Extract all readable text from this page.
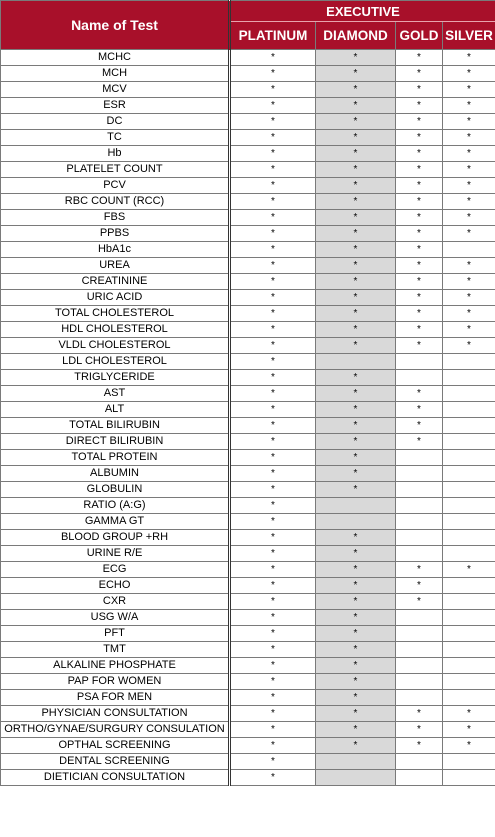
Name of Test	EXECUTIVE			
	PLATINUM	DIAMOND	GOLD	SILVER
MCHC	*	*	*	*
MCH	*	*	*	*
MCV	*	*	*	*
ESR	*	*	*	*
DC	*	*	*	*
TC	*	*	*	*
Hb	*	*	*	*
PLATELET COUNT	*	*	*	*
PCV	*	*	*	*
RBC COUNT (RCC)	*	*	*	*
FBS	*	*	*	*
PPBS	*	*	*	*
HbA1c	*	*	*	
UREA	*	*	*	*
CREATININE	*	*	*	*
URIC ACID	*	*	*	*
TOTAL CHOLESTEROL	*	*	*	*
HDL CHOLESTEROL	*	*	*	*
VLDL CHOLESTEROL	*	*	*	*
LDL CHOLESTEROL	*			
TRIGLYCERIDE	*	*		
AST	*	*	*	
ALT	*	*	*	
TOTAL BILIRUBIN	*	*	*	
DIRECT BILIRUBIN	*	*	*	
TOTAL PROTEIN	*	*		
ALBUMIN	*	*		
GLOBULIN	*	*		
RATIO (A:G)	*			
GAMMA GT	*			
BLOOD GROUP +RH	*	*		
URINE R/E	*	*		
ECG	*	*	*	*
ECHO	*	*	*	
CXR	*	*	*	
USG W/A	*	*		
PFT	*	*		
TMT	*	*		
ALKALINE PHOSPHATE	*	*		
PAP FOR WOMEN	*	*		
PSA FOR MEN	*	*		
PHYSICIAN CONSULTATION	*	*	*	*
ORTHO/GYNAE/SURGURY CONSULATION	*	*	*	*
OPTHAL SCREENING	*	*	*	*
DENTAL SCREENING	*			
DIETICIAN CONSULTATION	*			
